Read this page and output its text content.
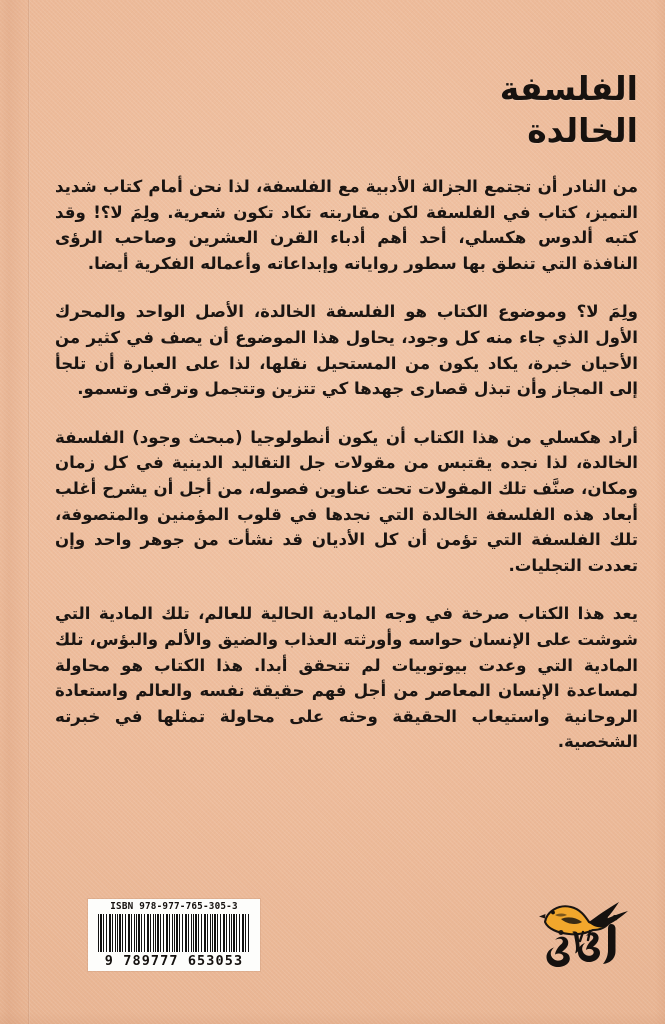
الفلسفة
الخالدة

من النادر أن تجتمع الجزالة الأدبية مع الفلسفة، لذا نحن أمام كتاب شديد التميز، كتاب في الفلسفة لكن مقاربته تكاد تكون شعرية. ولِمَ لا؟! وقد كتبه ألدوس هكسلي، أحد أهم أدباء القرن العشرين وصاحب الرؤى النافذة التي تنطق بها سطور رواياته وإبداعاته وأعماله الفكرية أيضا.

ولِمَ لا؟ وموضوع الكتاب هو الفلسفة الخالدة، الأصل الواحد والمحرك الأول الذي جاء منه كل وجود، يحاول هذا الموضوع أن يصف في كثير من الأحيان خبرة، يكاد يكون من المستحيل نقلها، لذا على العبارة أن تلجأ إلى المجاز وأن تبذل قصارى جهدها كي تتزين وتتجمل وترقى وتسمو.

أراد هكسلي من هذا الكتاب أن يكون أنطولوجيا (مبحث وجود) الفلسفة الخالدة، لذا نجده يقتبس من مقولات جل التقاليد الدينية في كل زمان ومكان، صنَّف تلك المقولات تحت عناوين فصوله، من أجل أن يشرح أغلب أبعاد هذه الفلسفة الخالدة التي نجدها في قلوب المؤمنين والمتصوفة، تلك الفلسفة التي تؤمن أن كل الأديان قد نشأت من جوهر واحد وإن تعددت التجليات.

يعد هذا الكتاب صرخة في وجه المادية الحالية للعالم، تلك المادية التي شوشت على الإنسان حواسه وأورثته العذاب والضيق والألم والبؤس، تلك المادية التي وعدت بيوتوبيات لم تتحقق أبدا. هذا الكتاب هو محاولة لمساعدة الإنسان المعاصر من أجل فهم حقيقة نفسه والعالم واستعادة الروحانية واستيعاب الحقيقة وحثه على محاولة تمثلها في خبرته الشخصية.

ISBN 978-977-765-305-3
9 789777 653053
